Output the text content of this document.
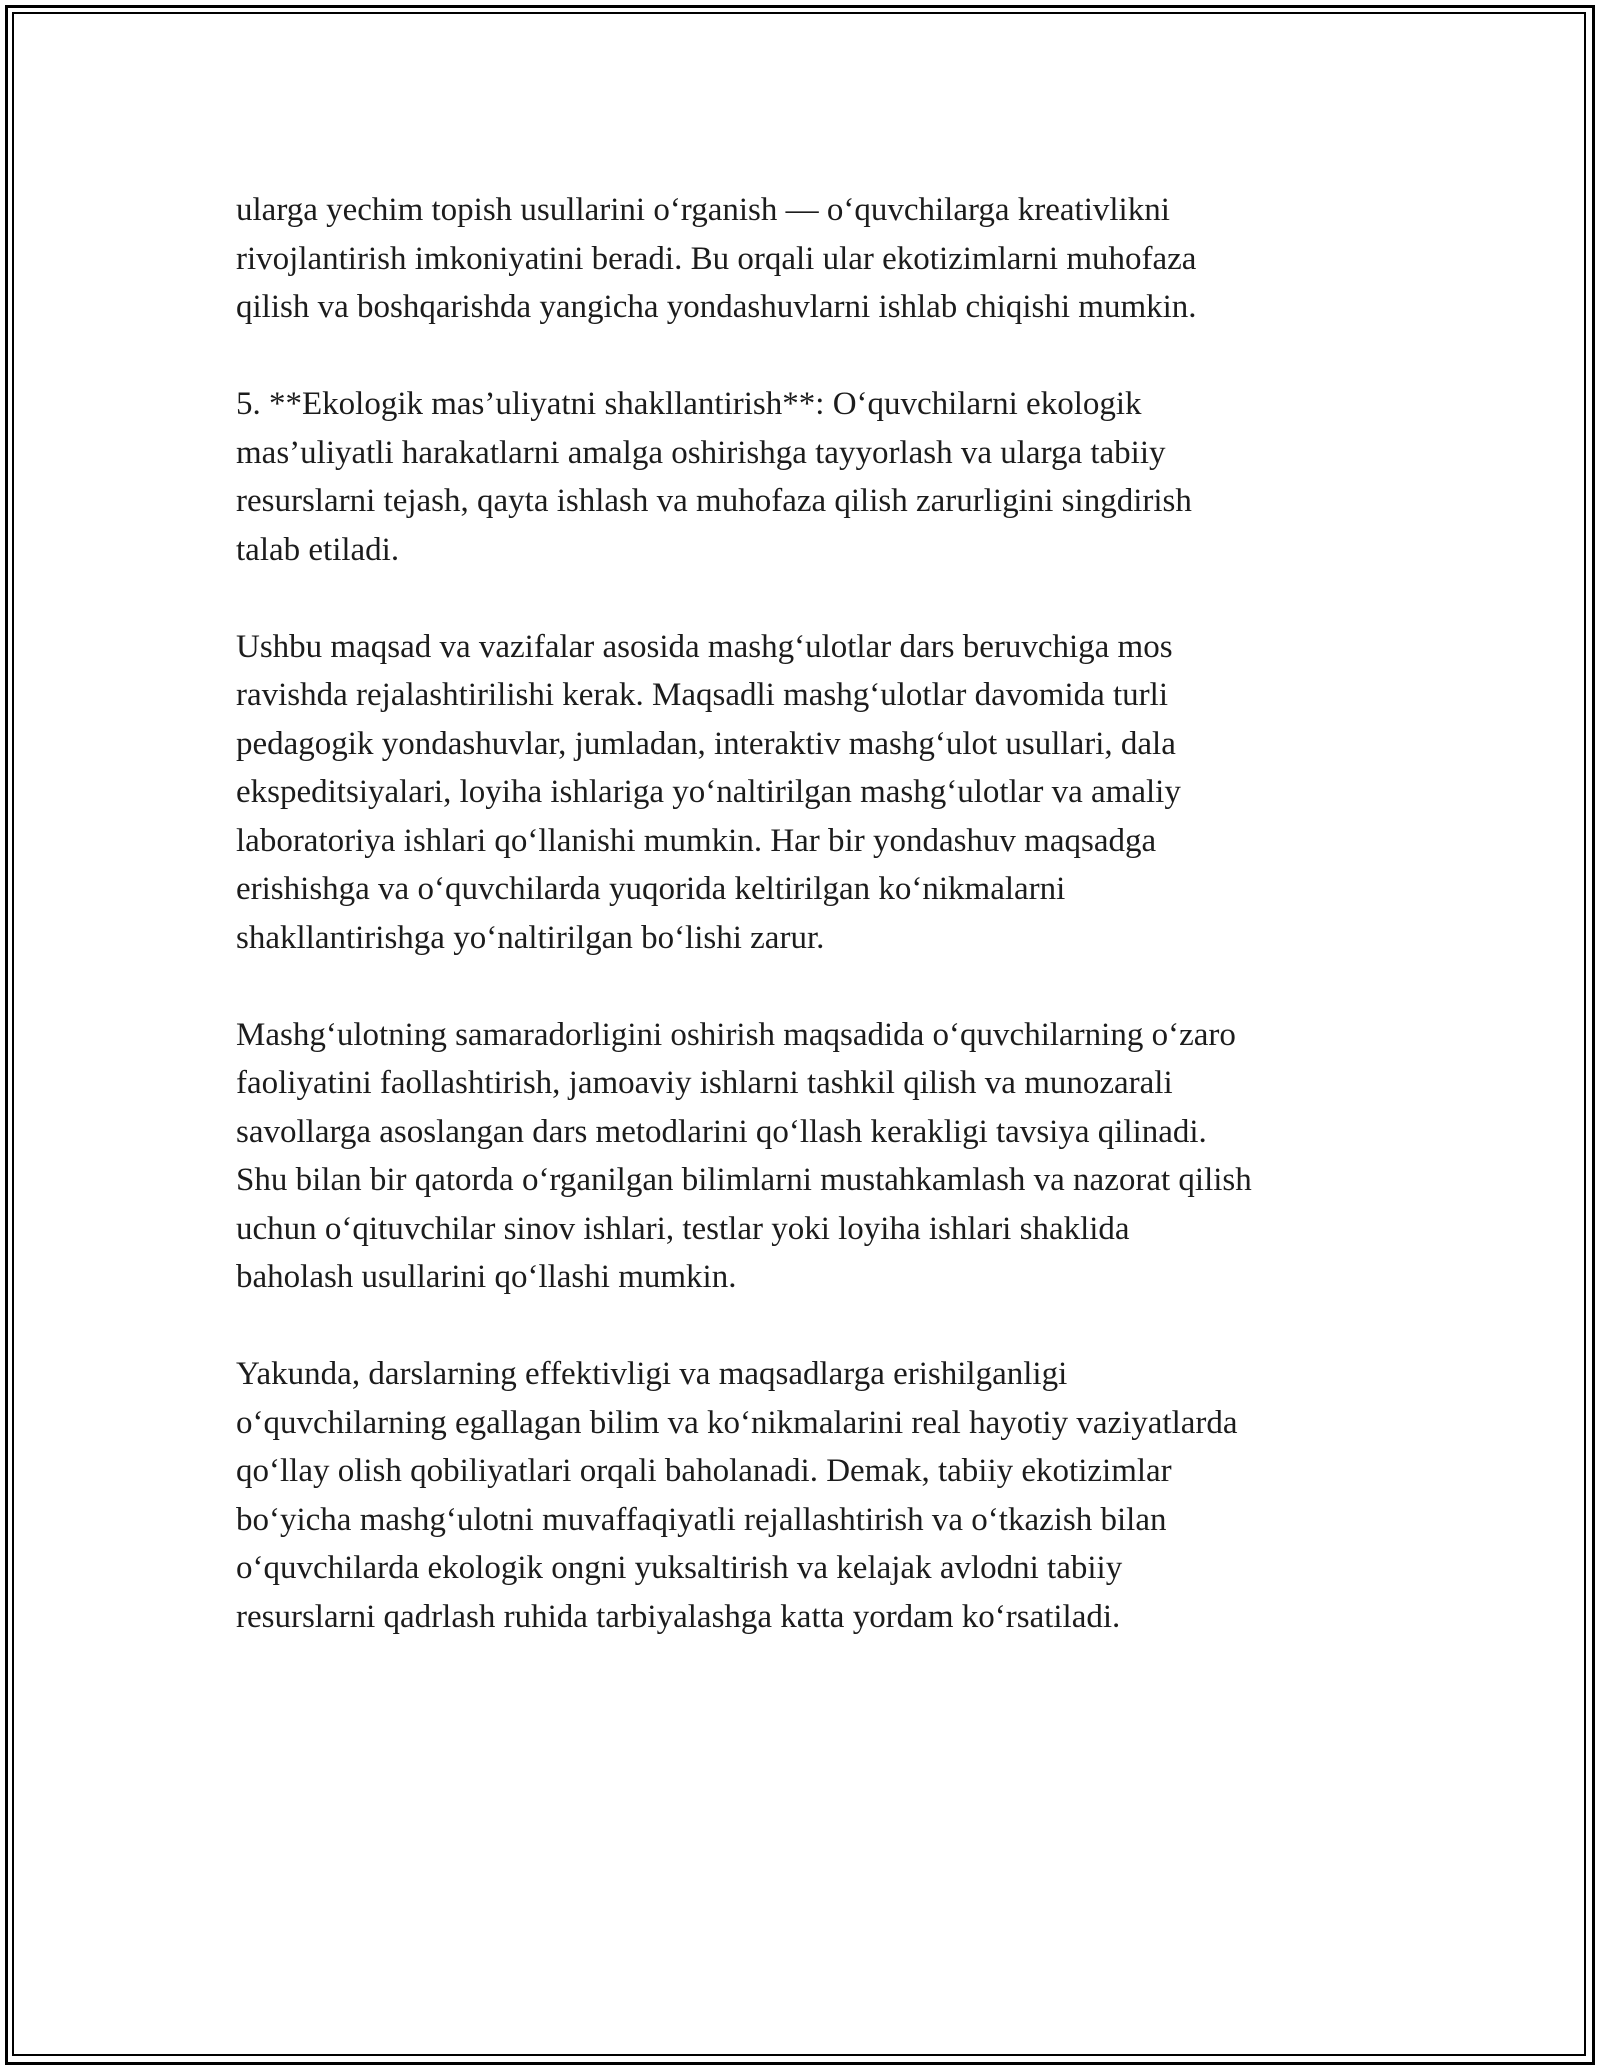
ularga yechim topish usullarini o‘rganish — o‘quvchilarga kreativlikni
rivojlantirish imkoniyatini beradi. Bu orqali ular ekotizimlarni muhofaza
qilish va boshqarishda yangicha yondashuvlarni ishlab chiqishi mumkin.
5. **Ekologik mas’uliyatni shakllantirish**: O‘quvchilarni ekologik
mas’uliyatli harakatlarni amalga oshirishga tayyorlash va ularga tabiiy
resurslarni tejash, qayta ishlash va muhofaza qilish zarurligini singdirish
talab etiladi.
Ushbu maqsad va vazifalar asosida mashg‘ulotlar dars beruvchiga mos
ravishda rejalashtirilishi kerak. Maqsadli mashg‘ulotlar davomida turli
pedagogik yondashuvlar, jumladan, interaktiv mashg‘ulot usullari, dala
ekspeditsiyalari, loyiha ishlariga yo‘naltirilgan mashg‘ulotlar va amaliy
laboratoriya ishlari qo‘llanishi mumkin. Har bir yondashuv maqsadga
erishishga va o‘quvchilarda yuqorida keltirilgan ko‘nikmalarni
shakllantirishga yo‘naltirilgan bo‘lishi zarur.
Mashg‘ulotning samaradorligini oshirish maqsadida o‘quvchilarning o‘zaro
faoliyatini faollashtirish, jamoaviy ishlarni tashkil qilish va munozarali
savollarga asoslangan dars metodlarini qo‘llash kerakligi tavsiya qilinadi.
Shu bilan bir qatorda o‘rganilgan bilimlarni mustahkamlash va nazorat qilish
uchun o‘qituvchilar sinov ishlari, testlar yoki loyiha ishlari shaklida
baholash usullarini qo‘llashi mumkin.
Yakunda, darslarning effektivligi va maqsadlarga erishilganligi
o‘quvchilarning egallagan bilim va ko‘nikmalarini real hayotiy vaziyatlarda
qo‘llay olish qobiliyatlari orqali baholanadi. Demak, tabiiy ekotizimlar
bo‘yicha mashg‘ulotni muvaffaqiyatli rejallashtirish va o‘tkazish bilan
o‘quvchilarda ekologik ongni yuksaltirish va kelajak avlodni tabiiy
resurslarni qadrlash ruhida tarbiyalashga katta yordam ko‘rsatiladi.
